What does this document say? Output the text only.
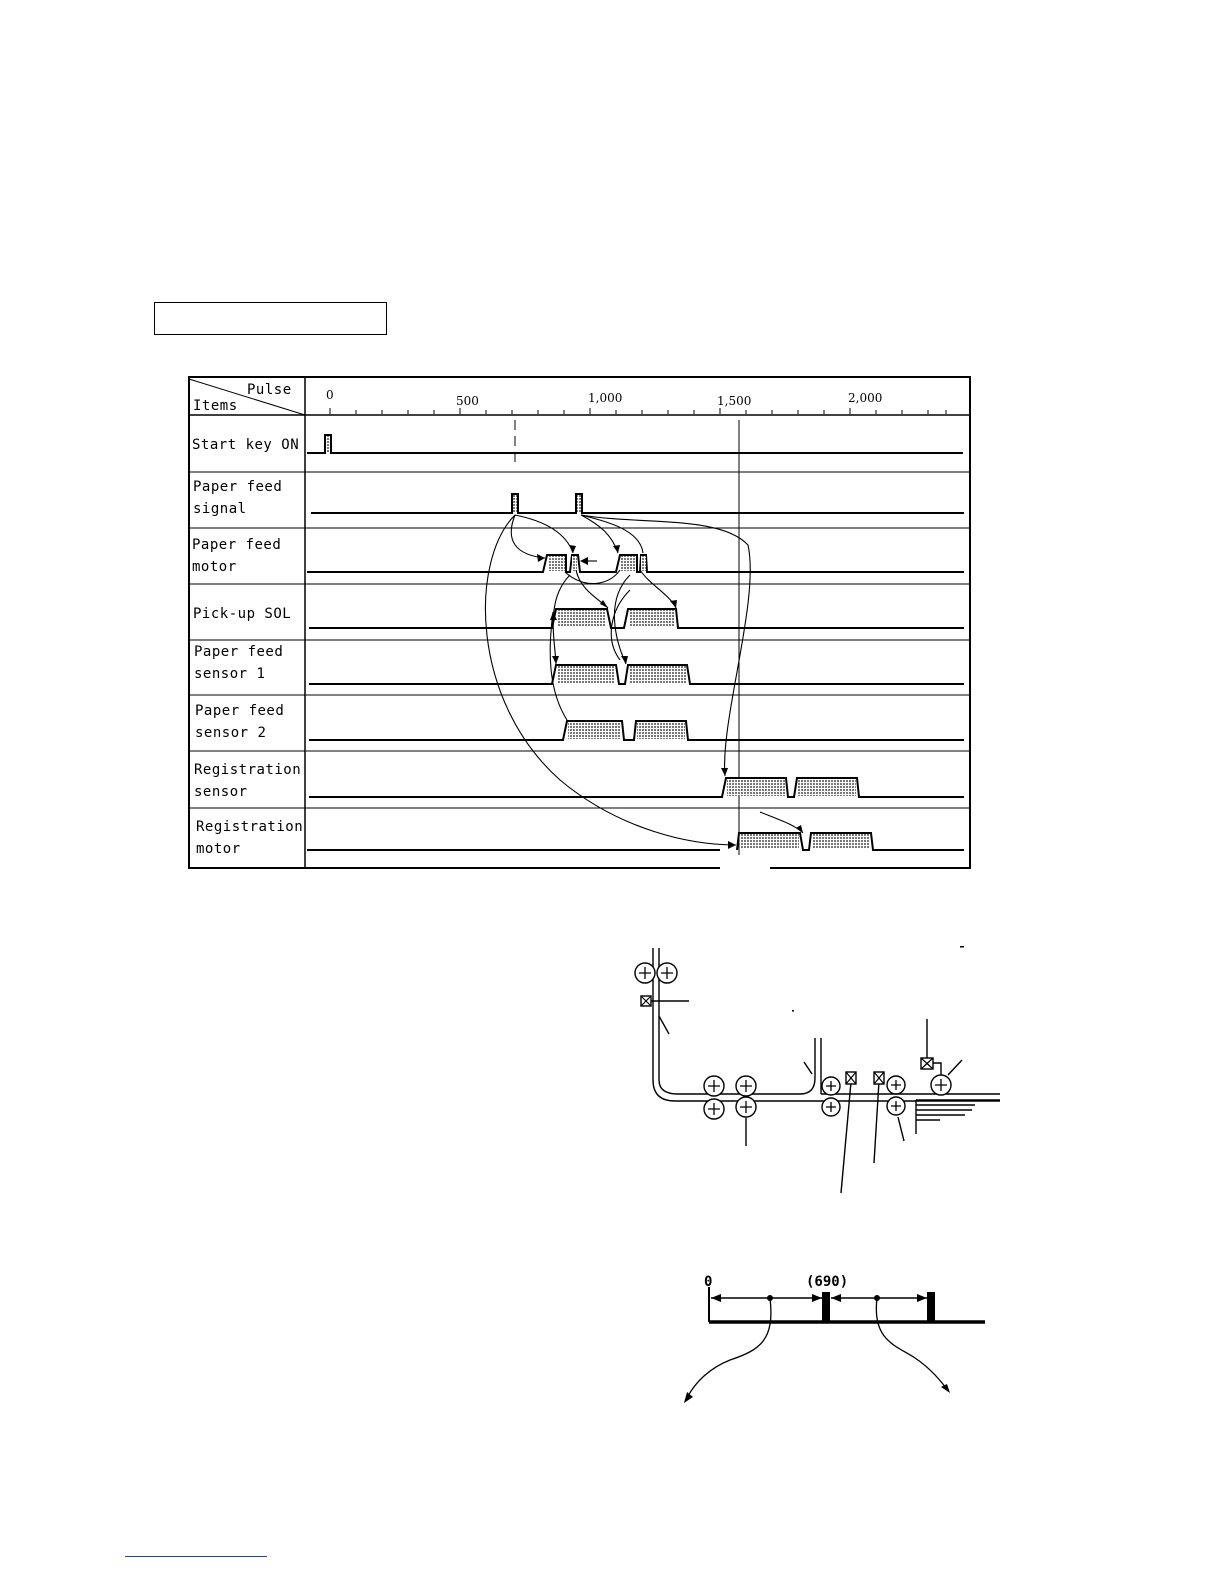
Pulse
Items
0	500	1,000	1,500	2,000
Start key ON
Paper feed
signal
Paper feed
motor
Pick-up SOL
Paper feed
sensor 1
Paper feed
sensor 2
Registration
sensor
Registration
motor
0	(690)
